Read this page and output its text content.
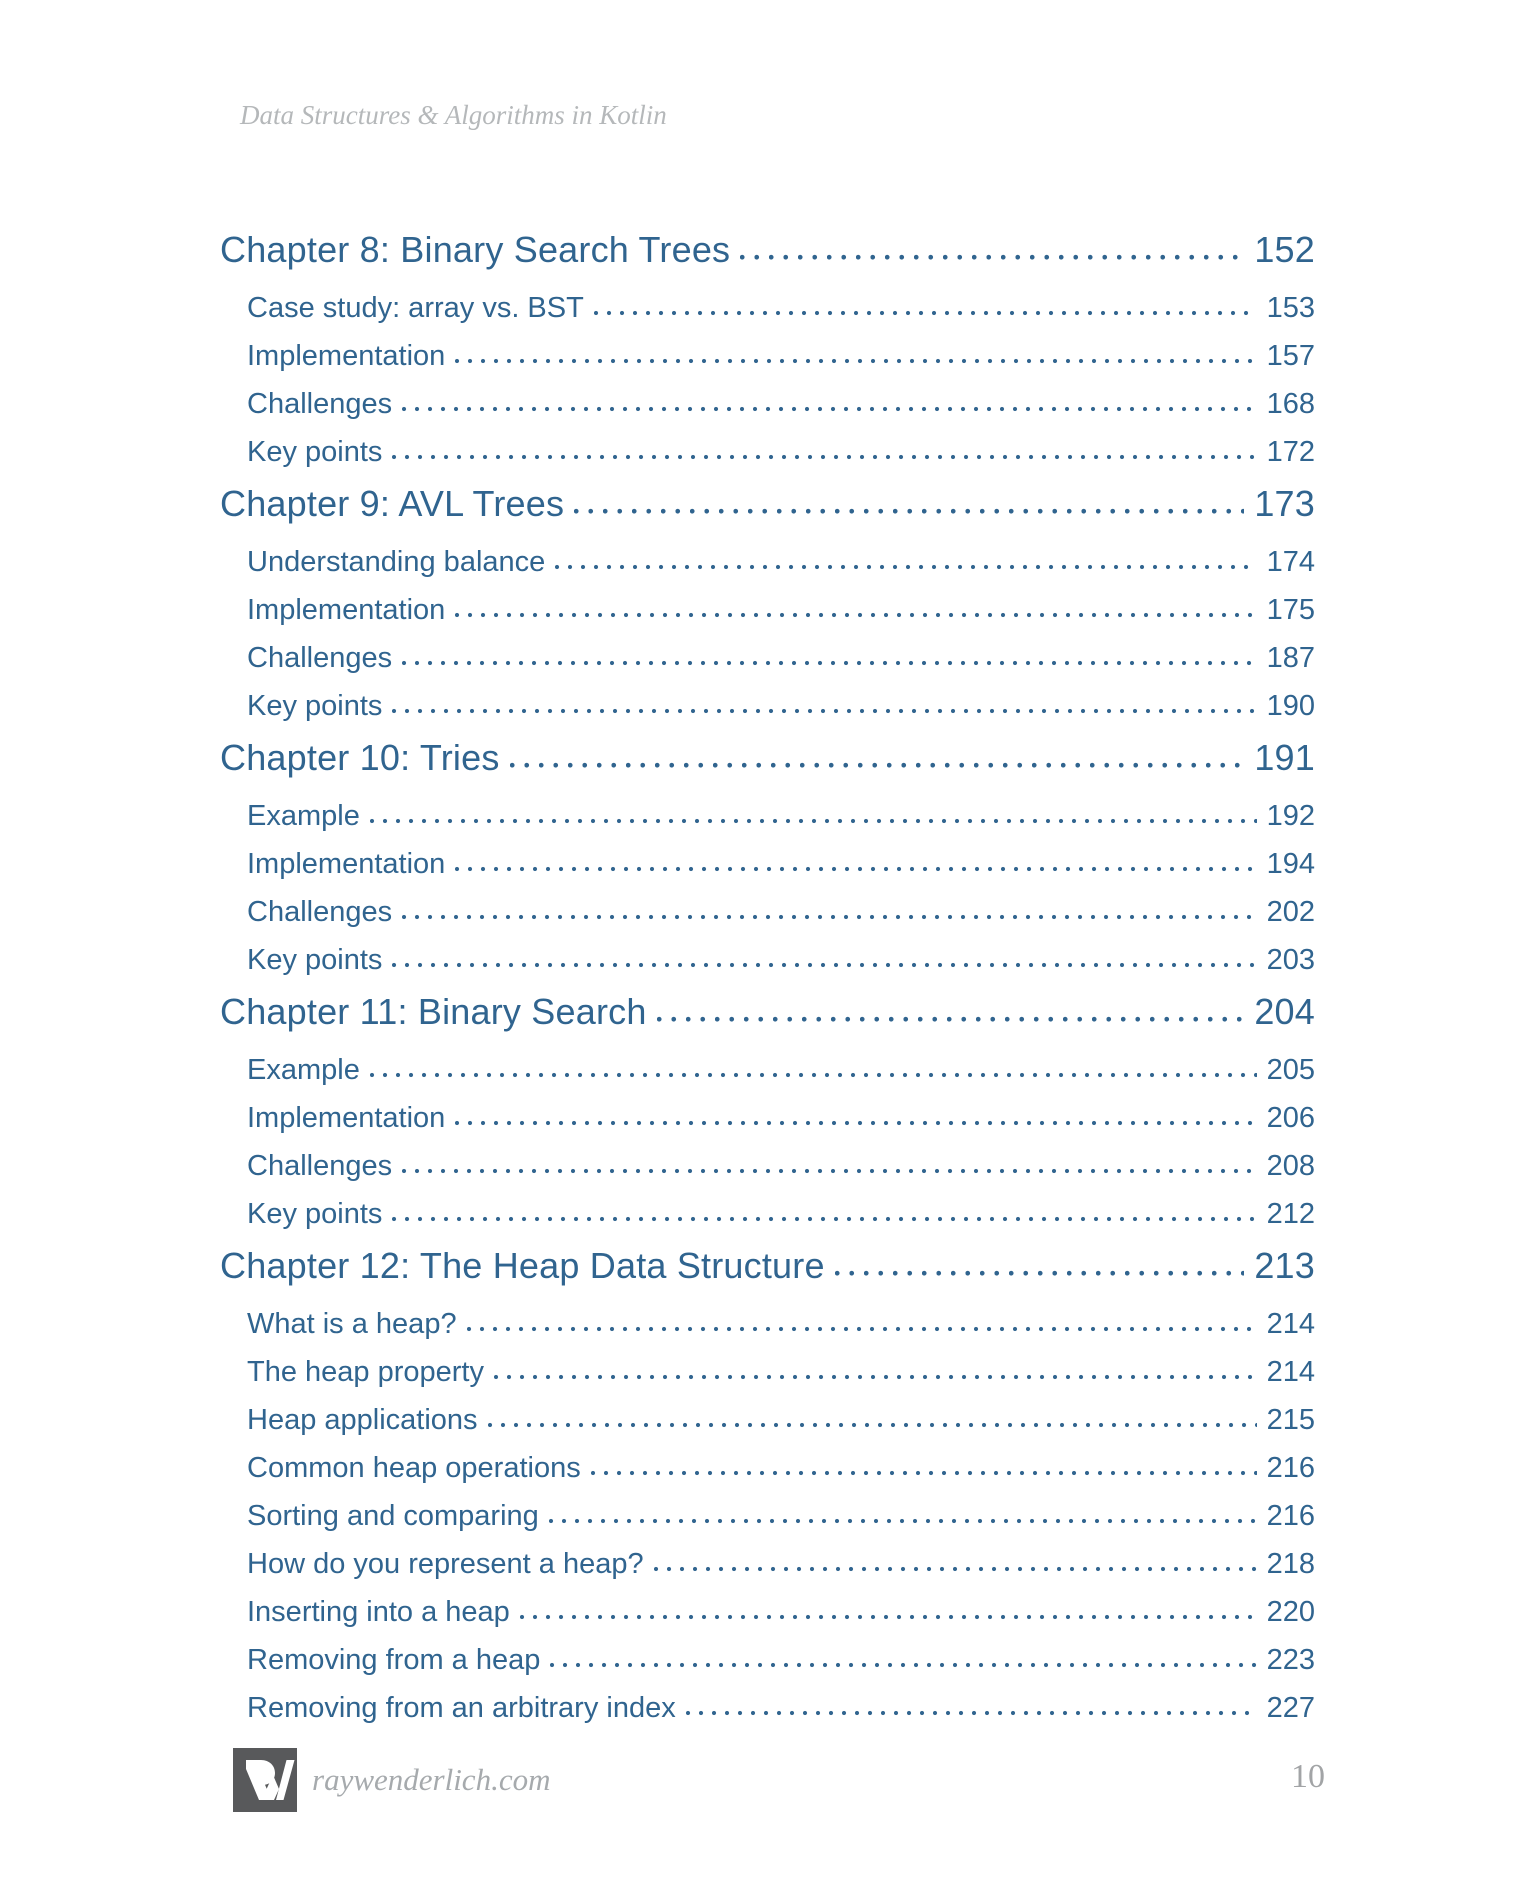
Data Structures & Algorithms in Kotlin
Chapter 8: Binary Search Trees	152
Case study: array vs. BST	153
Implementation	157
Challenges	168
Key points	172
Chapter 9: AVL Trees	173
Understanding balance	174
Implementation	175
Challenges	187
Key points	190
Chapter 10: Tries	191
Example	192
Implementation	194
Challenges	202
Key points	203
Chapter 11: Binary Search	204
Example	205
Implementation	206
Challenges	208
Key points	212
Chapter 12: The Heap Data Structure	213
What is a heap?	214
The heap property	214
Heap applications	215
Common heap operations	216
Sorting and comparing	216
How do you represent a heap?	218
Inserting into a heap	220
Removing from a heap	223
Removing from an arbitrary index	227
raywenderlich.com	10
